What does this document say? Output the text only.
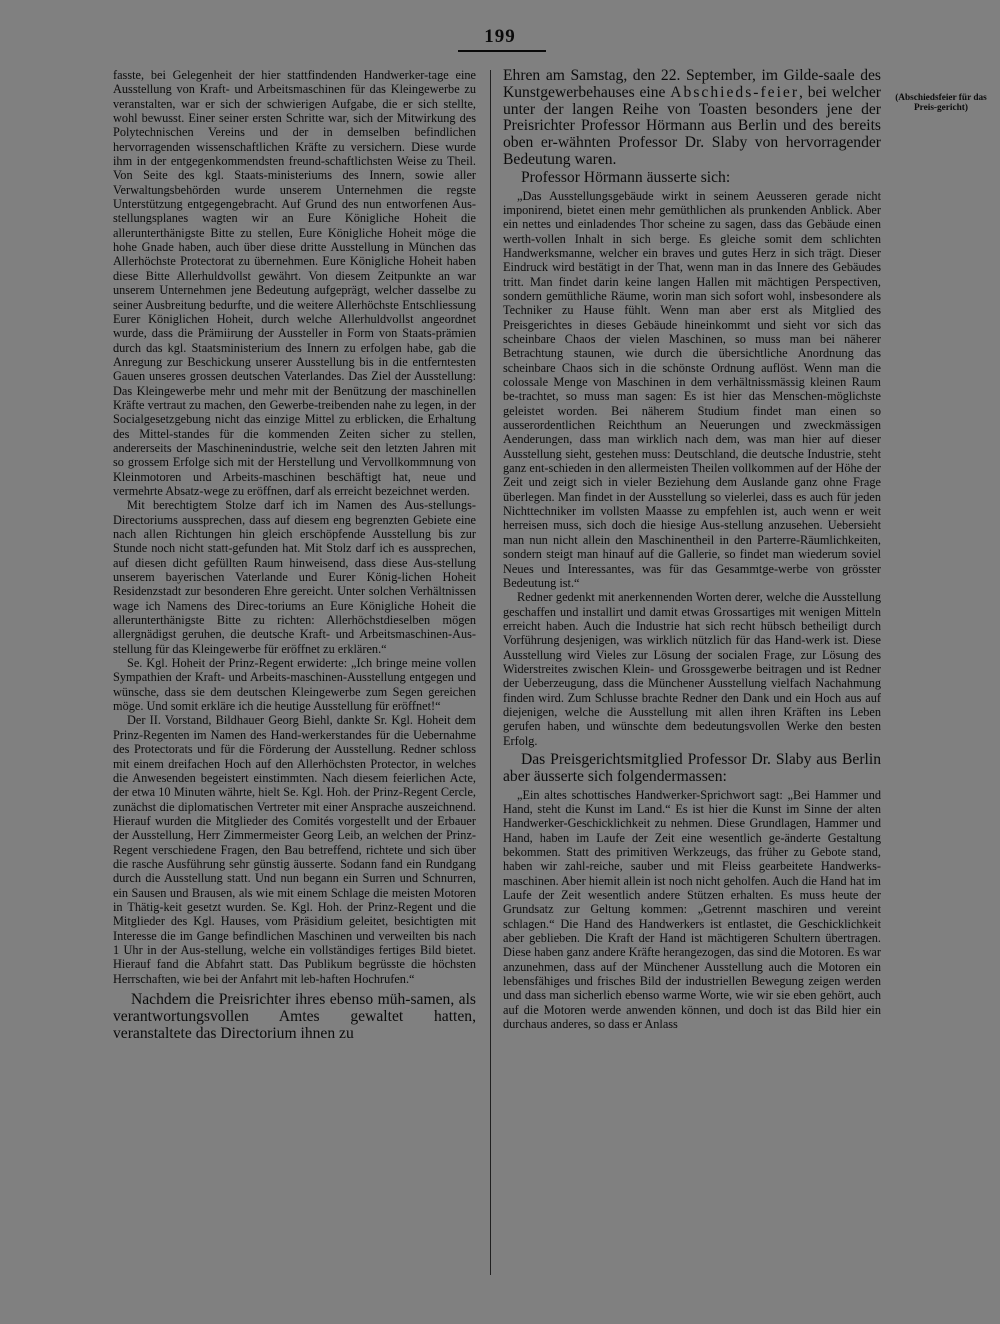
199

fasste, bei Gelegenheit der hier stattfindenden Handwerker-tage eine Ausstellung von Kraft- und Arbeitsmaschinen für das Kleingewerbe zu veranstalten, war er sich der schwierigen Aufgabe, die er sich stellte, wohl bewusst. Einer seiner ersten Schritte war, sich der Mitwirkung des Polytechnischen Vereins und der in demselben befindlichen hervorragenden wissenschaftlichen Kräfte zu versichern. Diese wurde ihm in der entgegenkommendsten freund-schaftlichsten Weise zu Theil. Von Seite des kgl. Staats-ministeriums des Innern, sowie aller Verwaltungsbehörden wurde unserem Unternehmen die regste Unterstützung entgegengebracht. Auf Grund des nun entworfenen Aus-stellungsplanes wagten wir an Eure Königliche Hoheit die allerunterthänigste Bitte zu stellen, Eure Königliche Hoheit möge die hohe Gnade haben, auch über diese dritte Ausstellung in München das Allerhöchste Protectorat zu übernehmen. Eure Königliche Hoheit haben diese Bitte Allerhuldvollst gewährt. Von diesem Zeitpunkte an war unserem Unternehmen jene Bedeutung aufgeprägt, welcher dasselbe zu seiner Ausbreitung bedurfte, und die weitere Allerhöchste Entschliessung Eurer Königlichen Hoheit, durch welche Allerhuldvollst angeordnet wurde, dass die Prämiirung der Aussteller in Form von Staats-prämien durch das kgl. Staatsministerium des Innern zu erfolgen habe, gab die Anregung zur Beschickung unserer Ausstellung bis in die entferntesten Gauen unseres grossen deutschen Vaterlandes. Das Ziel der Ausstellung: Das Kleingewerbe mehr und mehr mit der Benützung der maschinellen Kräfte vertraut zu machen, den Gewerbe-treibenden nahe zu legen, in der Socialgesetzgebung nicht das einzige Mittel zu erblicken, die Erhaltung des Mittel-standes für die kommenden Zeiten sicher zu stellen, andererseits der Maschinenindustrie, welche seit den letzten Jahren mit so grossem Erfolge sich mit der Herstellung und Vervollkommnung von Kleinmotoren und Arbeits-maschinen beschäftigt hat, neue und vermehrte Absatz-wege zu eröffnen, darf als erreicht bezeichnet werden.

Mit berechtigtem Stolze darf ich im Namen des Aus-stellungs-Directoriums aussprechen, dass auf diesem eng begrenzten Gebiete eine nach allen Richtungen hin gleich erschöpfende Ausstellung bis zur Stunde noch nicht statt-gefunden hat. Mit Stolz darf ich es aussprechen, auf diesen dicht gefüllten Raum hinweisend, dass diese Aus-stellung unserem bayerischen Vaterlande und Eurer König-lichen Hoheit Residenzstadt zur besonderen Ehre gereicht. Unter solchen Verhältnissen wage ich Namens des Direc-toriums an Eure Königliche Hoheit die allerunterthänigste Bitte zu richten: Allerhöchstdieselben mögen allergnädigst geruhen, die deutsche Kraft- und Arbeitsmaschinen-Aus-stellung für das Kleingewerbe für eröffnet zu erklären.“

Se. Kgl. Hoheit der Prinz-Regent erwiderte: „Ich bringe meine vollen Sympathien der Kraft- und Arbeits-maschinen-Ausstellung entgegen und wünsche, dass sie dem deutschen Kleingewerbe zum Segen gereichen möge. Und somit erkläre ich die heutige Ausstellung für eröffnet!“

Der II. Vorstand, Bildhauer Georg Biehl, dankte Sr. Kgl. Hoheit dem Prinz-Regenten im Namen des Hand-werkerstandes für die Uebernahme des Protectorats und für die Förderung der Ausstellung. Redner schloss mit einem dreifachen Hoch auf den Allerhöchsten Protector, in welches die Anwesenden begeistert einstimmten. Nach diesem feierlichen Acte, der etwa 10 Minuten währte, hielt Se. Kgl. Hoh. der Prinz-Regent Cercle, zunächst die diplomatischen Vertreter mit einer Ansprache auszeichnend. Hierauf wurden die Mitglieder des Comités vorgestellt und der Erbauer der Ausstellung, Herr Zimmermeister Georg Leib, an welchen der Prinz-Regent verschiedene Fragen, den Bau betreffend, richtete und sich über die rasche Ausführung sehr günstig äusserte. Sodann fand ein Rundgang durch die Ausstellung statt. Und nun begann ein Surren und Schnurren, ein Sausen und Brausen, als wie mit einem Schlage die meisten Motoren in Thätig-keit gesetzt wurden. Se. Kgl. Hoh. der Prinz-Regent und die Mitglieder des Kgl. Hauses, vom Präsidium geleitet, besichtigten mit Interesse die im Gange befindlichen Maschinen und verweilten bis nach 1 Uhr in der Aus-stellung, welche ein vollständiges fertiges Bild bietet. Hierauf fand die Abfahrt statt. Das Publikum begrüsste die höchsten Herrschaften, wie bei der Anfahrt mit leb-haften Hochrufen.“

Nachdem die Preisrichter ihres ebenso müh-samen, als verantwortungsvollen Amtes gewaltet hatten, veranstaltete das Directorium ihnen zu

Ehren am Samstag, den 22. September, im Gilde-saale des Kunstgewerbehauses eine Abschieds-feier, bei welcher unter der langen Reihe von Toasten besonders jene der Preisrichter Professor Hörmann aus Berlin und des bereits oben er-wähnten Professor Dr. Slaby von hervorragender Bedeutung waren.

Professor Hörmann äusserte sich:

„Das Ausstellungsgebäude wirkt in seinem Aeusseren gerade nicht imponirend, bietet einen mehr gemüthlichen als prunkenden Anblick. Aber ein nettes und einladendes Thor scheine zu sagen, dass das Gebäude einen werth-vollen Inhalt in sich berge. Es gleiche somit dem schlichten Handwerksmanne, welcher ein braves und gutes Herz in sich trägt. Dieser Eindruck wird bestätigt in der That, wenn man in das Innere des Gebäudes tritt. Man findet darin keine langen Hallen mit mächtigen Perspectiven, sondern gemüthliche Räume, worin man sich sofort wohl, insbesondere als Techniker zu Hause fühlt. Wenn man aber erst als Mitglied des Preisgerichtes in dieses Gebäude hineinkommt und sieht vor sich das scheinbare Chaos der vielen Maschinen, so muss man bei näherer Betrachtung staunen, wie durch die übersichtliche Anordnung das scheinbare Chaos sich in die schönste Ordnung auflöst. Wenn man die colossale Menge von Maschinen in dem verhältnissmässig kleinen Raum be-trachtet, so muss man sagen: Es ist hier das Menschen-möglichste geleistet worden. Bei näherem Studium findet man einen so ausserordentlichen Reichthum an Neuerungen und zweckmässigen Aenderungen, dass man wirklich nach dem, was man hier auf dieser Ausstellung sieht, gestehen muss: Deutschland, die deutsche Industrie, steht ganz ent-schieden in den allermeisten Theilen vollkommen auf der Höhe der Zeit und zeigt sich in vieler Beziehung dem Auslande ganz ohne Frage überlegen. Man findet in der Ausstellung so vielerlei, dass es auch für jeden Nichttechniker im vollsten Maasse zu empfehlen ist, auch wenn er weit herreisen muss, sich doch die hiesige Aus-stellung anzusehen. Uebersieht man nun nicht allein den Maschinentheil in den Parterre-Räumlichkeiten, sondern steigt man hinauf auf die Gallerie, so findet man wiederum soviel Neues und Interessantes, was für das Gesammtge-werbe von grösster Bedeutung ist.“

Redner gedenkt mit anerkennenden Worten derer, welche die Ausstellung geschaffen und installirt und damit etwas Grossartiges mit wenigen Mitteln erreicht haben. Auch die Industrie hat sich recht hübsch betheiligt durch Vorführung desjenigen, was wirklich nützlich für das Hand-werk ist. Diese Ausstellung wird Vieles zur Lösung der socialen Frage, zur Lösung des Widerstreites zwischen Klein- und Grossgewerbe beitragen und ist Redner der Ueberzeugung, dass die Münchener Ausstellung vielfach Nachahmung finden wird. Zum Schlusse brachte Redner den Dank und ein Hoch aus auf diejenigen, welche die Ausstellung mit allen ihren Kräften ins Leben gerufen haben, und wünschte dem bedeutungsvollen Werke den besten Erfolg.

Das Preisgerichtsmitglied Professor Dr. Slaby aus Berlin aber äusserte sich folgendermassen:

„Ein altes schottisches Handwerker-Sprichwort sagt: „Bei Hammer und Hand, steht die Kunst im Land.“ Es ist hier die Kunst im Sinne der alten Handwerker-Geschicklichkeit zu nehmen. Diese Grundlagen, Hammer und Hand, haben im Laufe der Zeit eine wesentlich ge-änderte Gestaltung bekommen. Statt des primitiven Werkzeugs, das früher zu Gebote stand, haben wir zahl-reiche, sauber und mit Fleiss gearbeitete Handwerks-maschinen. Aber hiemit allein ist noch nicht geholfen. Auch die Hand hat im Laufe der Zeit wesentlich andere Stützen erhalten. Es muss heute der Grundsatz zur Geltung kommen: „Getrennt maschiren und vereint schlagen.“ Die Hand des Handwerkers ist entlastet, die Geschicklichkeit aber geblieben. Die Kraft der Hand ist mächtigeren Schultern übertragen. Diese haben ganz andere Kräfte herangezogen, das sind die Motoren. Es war anzunehmen, dass auf der Münchener Ausstellung auch die Motoren ein lebensfähiges und frisches Bild der industriellen Bewegung zeigen werden und dass man sicherlich ebenso warme Worte, wie wir sie eben gehört, auch auf die Motoren werde anwenden können, und doch ist das Bild hier ein durchaus anderes, so dass er Anlass

(Abschiedsfeier für das Preis-gericht)
